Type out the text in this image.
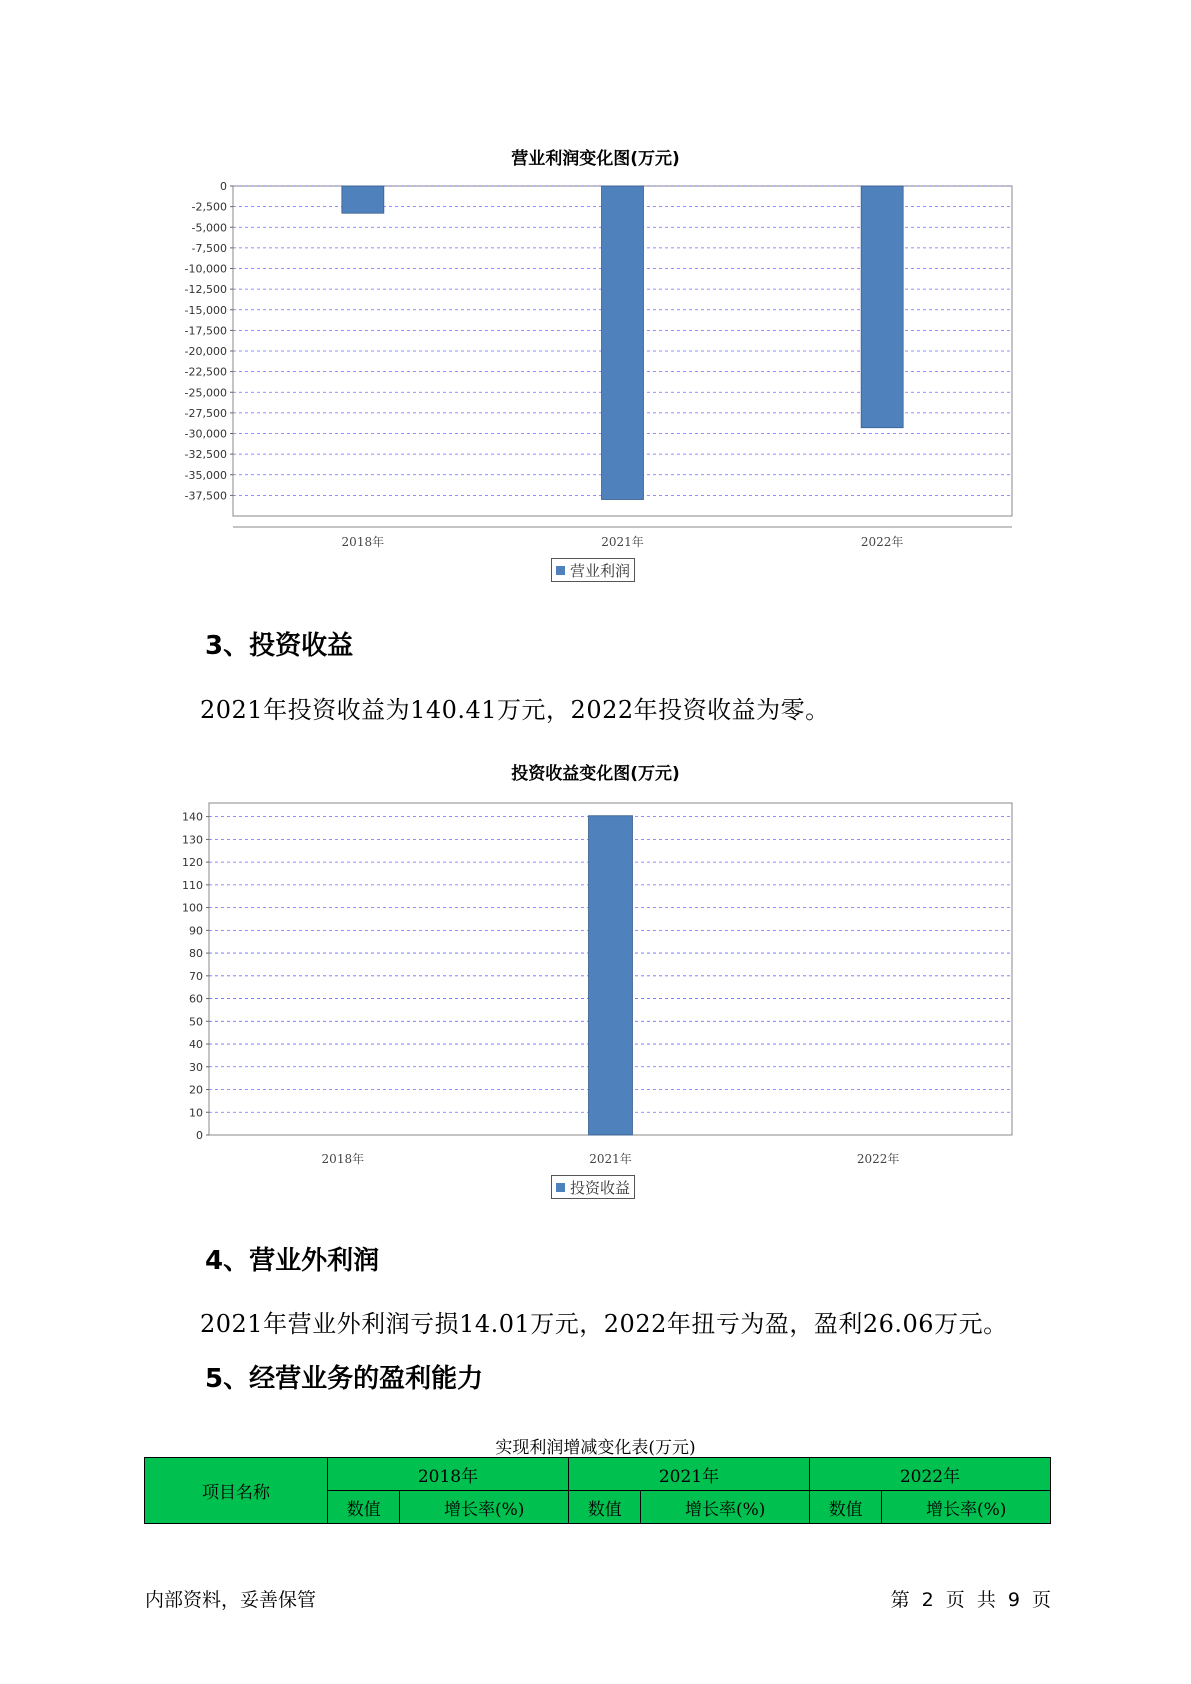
营业利润变化图(万元)
0
-2,500
-5,000
-7,500
-10,000
-12,500
-15,000
-17,500
-20,000
-22,500
-25,000
-27,500
-30,000
-32,500
-35,000
-37,500
2018年	2021年	2022年
营业利润
3、投资收益
2021年投资收益为140.41万元，2022年投资收益为零。
投资收益变化图(万元)
0
10
20
30
40
50
60
70
80
90
100
110
120
130
140
2018年	2021年	2022年
投资收益
4、营业外利润
2021年营业外利润亏损14.01万元，2022年扭亏为盈，盈利26.06万元。
5、经营业务的盈利能力
实现利润增减变化表(万元)
项目名称	2018年		2021年		2022年	
	数值	增长率(%)	数值	增长率(%)	数值	增长率(%)
内部资料，妥善保管	第 2 页 共 9 页
